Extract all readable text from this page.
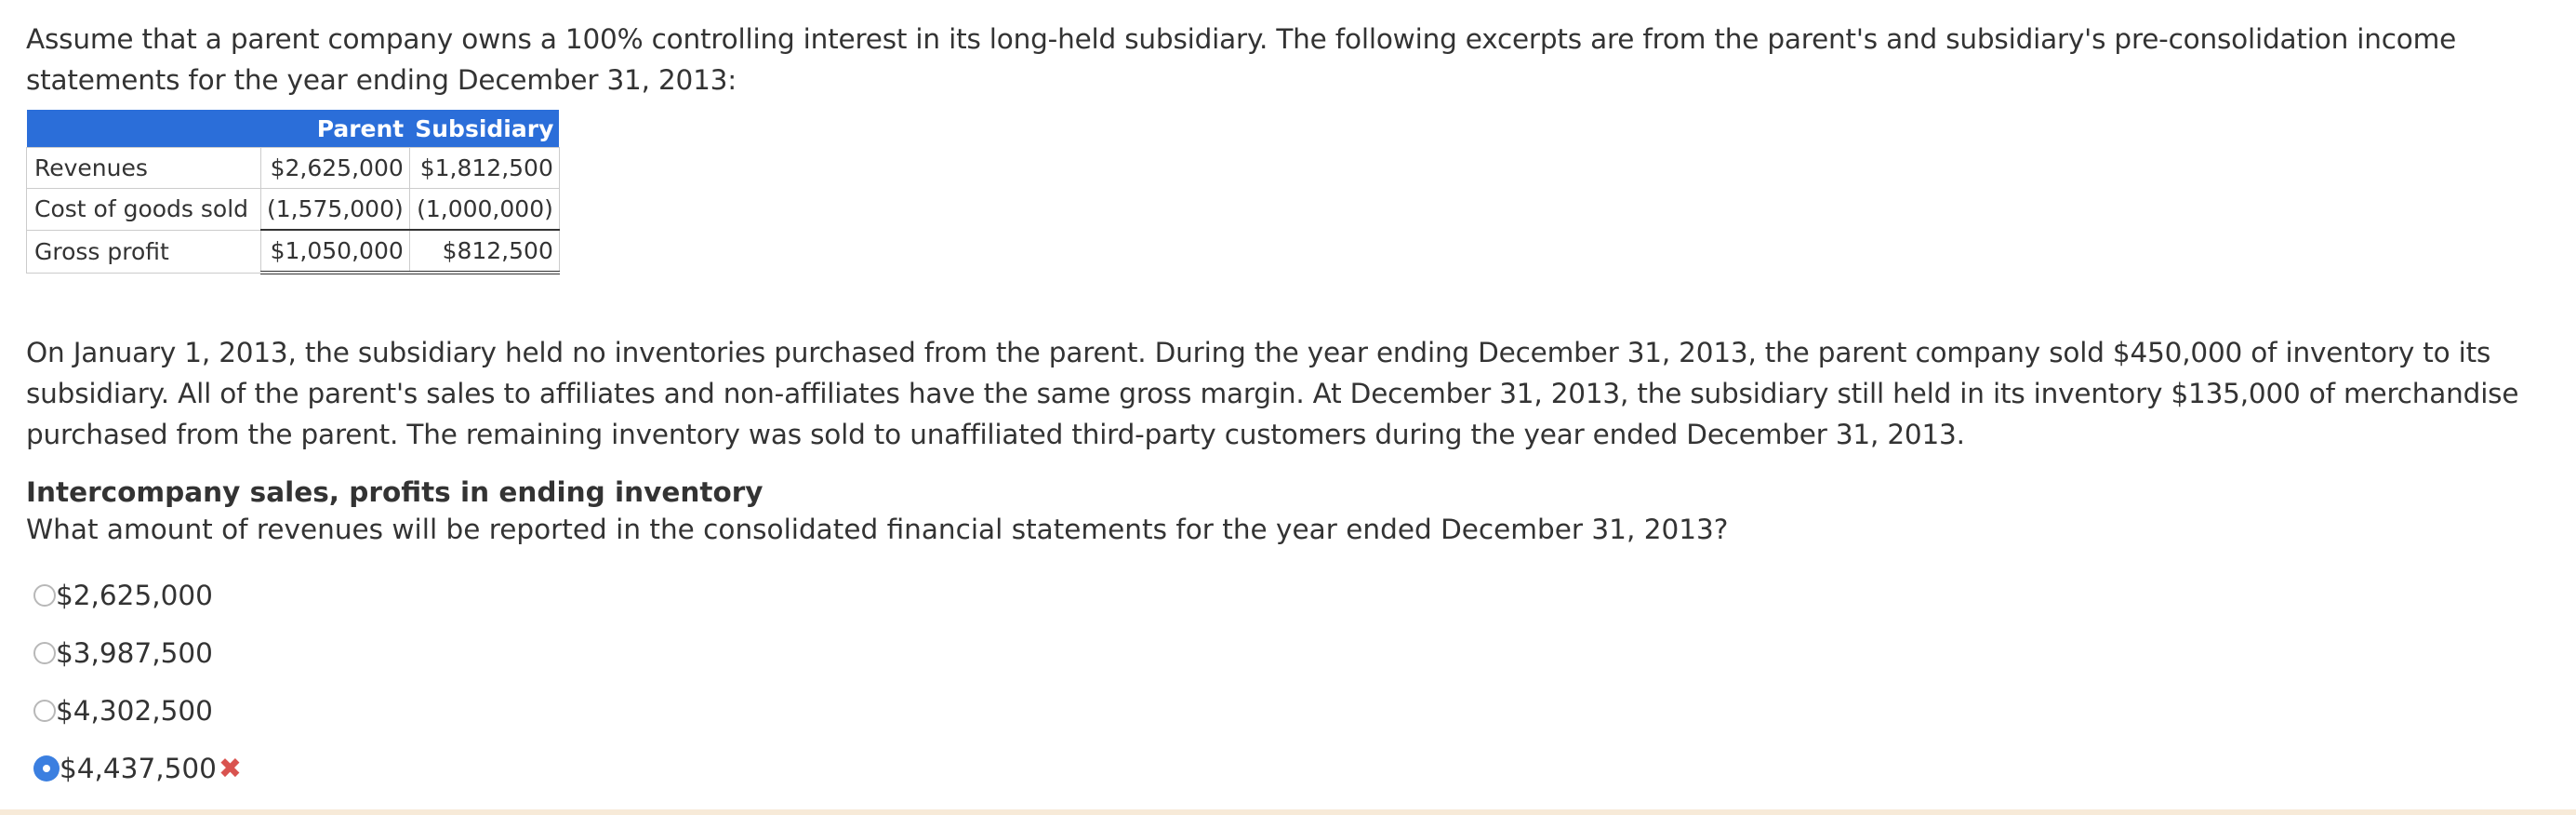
Assume that a parent company owns a 100% controlling interest in its long-held subsidiary. The following excerpts are from the parent's and subsidiary's pre-consolidation income statements for the year ending December 31, 2013:

	Parent	Subsidiary
Revenues	$2,625,000	$1,812,500
Cost of goods sold	(1,575,000)	(1,000,000)
Gross profit	$1,050,000	$812,500

On January 1, 2013, the subsidiary held no inventories purchased from the parent. During the year ending December 31, 2013, the parent company sold $450,000 of inventory to its subsidiary. All of the parent's sales to affiliates and non-affiliates have the same gross margin. At December 31, 2013, the subsidiary still held in its inventory $135,000 of merchandise purchased from the parent. The remaining inventory was sold to unaffiliated third-party customers during the year ended December 31, 2013.

Intercompany sales, profits in ending inventory

What amount of revenues will be reported in the consolidated financial statements for the year ended December 31, 2013?

$2,625,000
$3,987,500
$4,302,500
$4,437,500 ✖
